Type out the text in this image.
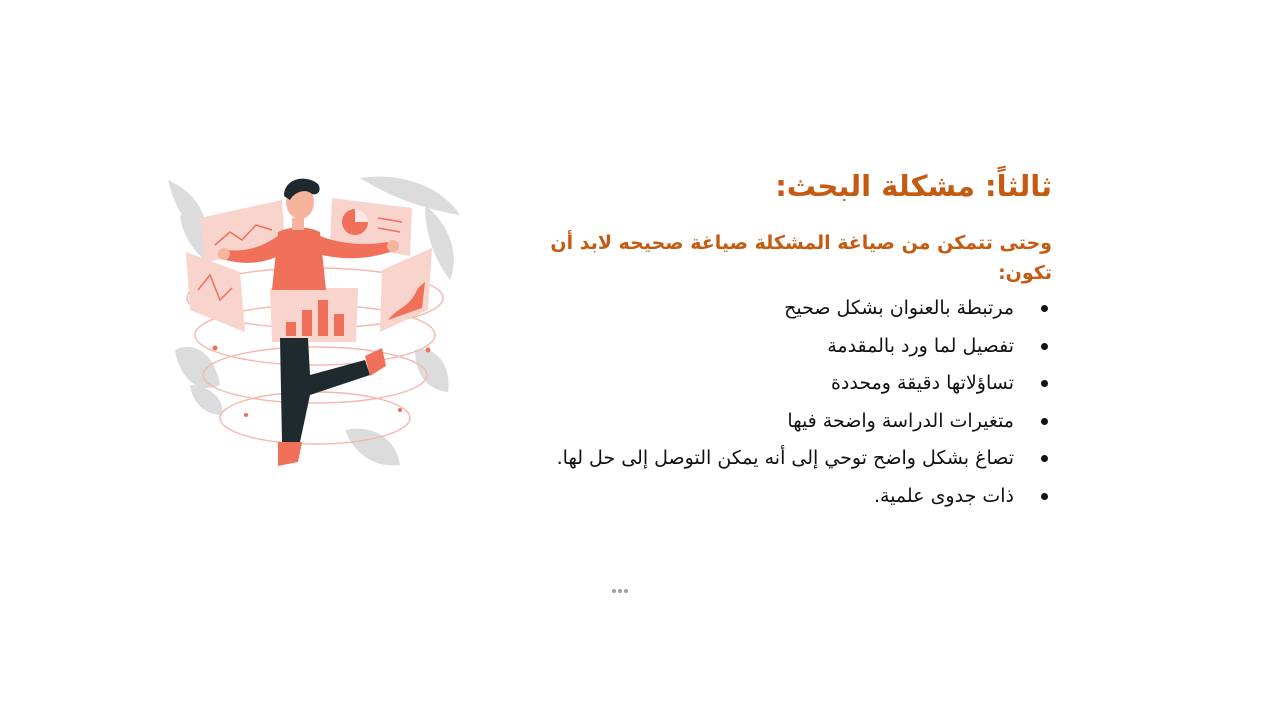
ثالثاً: مشكلة البحث:

وحتى تتمكن من صياغة المشكلة صياغة صحيحه لابد أن تكون:

مرتبطة بالعنوان بشكل صحيح
تفصيل لما ورد بالمقدمة
تساؤلاتها دقيقة ومحددة
متغيرات الدراسة واضحة فيها
تصاغ بشكل واضح توحي إلى أنه يمكن التوصل إلى حل لها.
ذات جدوى علمية.
